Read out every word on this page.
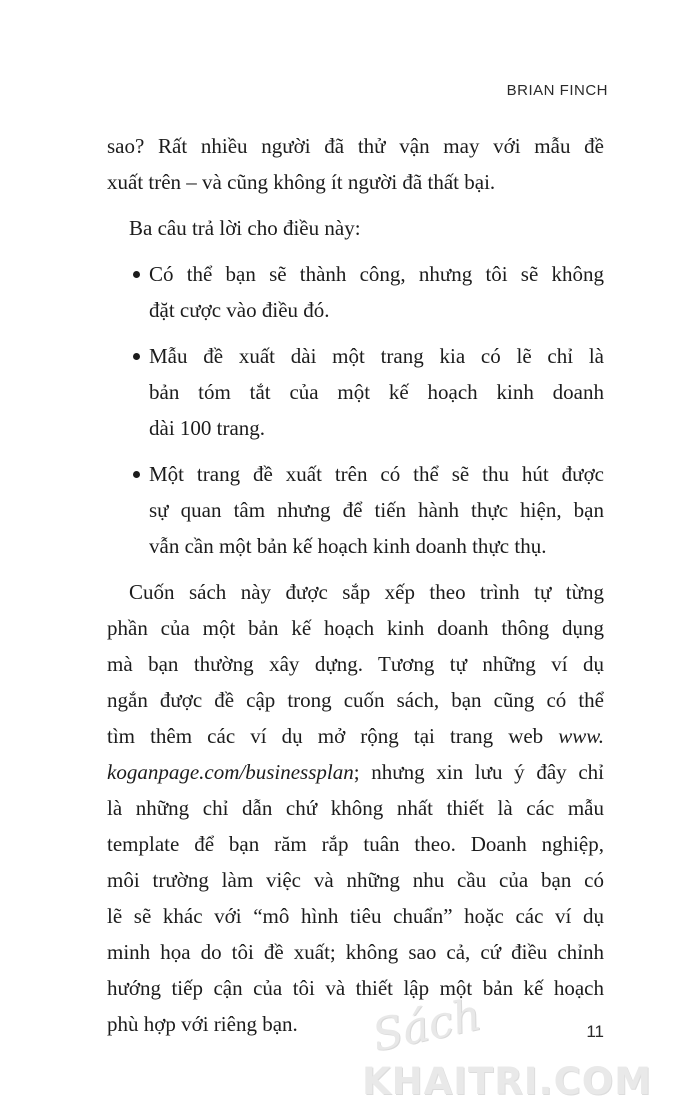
BRIAN FINCH
sao? Rất nhiều người đã thử vận may với mẫu đề
xuất trên – và cũng không ít người đã thất bại.
Ba câu trả lời cho điều này:
Có thể bạn sẽ thành công, nhưng tôi sẽ không
đặt cược vào điều đó.
Mẫu đề xuất dài một trang kia có lẽ chỉ là
bản tóm tắt của một kế hoạch kinh doanh
dài 100 trang.
Một trang đề xuất trên có thể sẽ thu hút được
sự quan tâm nhưng để tiến hành thực hiện, bạn
vẫn cần một bản kế hoạch kinh doanh thực thụ.
Cuốn sách này được sắp xếp theo trình tự từng
phần của một bản kế hoạch kinh doanh thông dụng
mà bạn thường xây dựng. Tương tự những ví dụ
ngắn được đề cập trong cuốn sách, bạn cũng có thể
tìm thêm các ví dụ mở rộng tại trang web www.
koganpage.com/businessplan; nhưng xin lưu ý đây chỉ
là những chỉ dẫn chứ không nhất thiết là các mẫu
template để bạn răm rắp tuân theo. Doanh nghiệp,
môi trường làm việc và những nhu cầu của bạn có
lẽ sẽ khác với “mô hình tiêu chuẩn” hoặc các ví dụ
minh họa do tôi đề xuất; không sao cả, cứ điều chỉnh
hướng tiếp cận của tôi và thiết lập một bản kế hoạch
phù hợp với riêng bạn.	11
Sách
KHAITRI.COM
